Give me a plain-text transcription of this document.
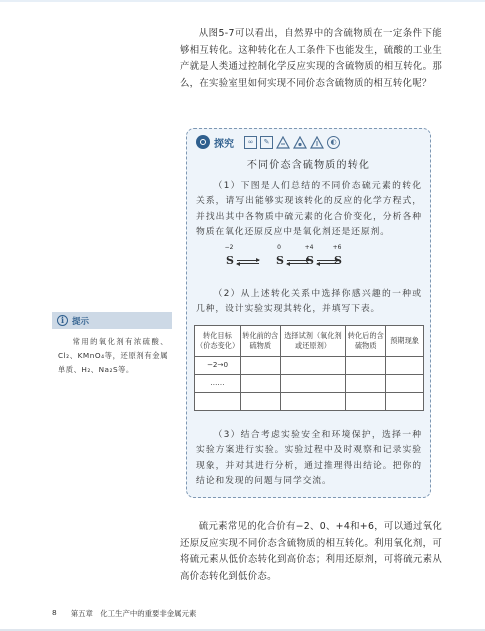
从图5-7可以看出，自然界中的含硫物质在一定条件下能够相互转化。这种转化在人工条件下也能发生，硫酸的工业生产就是人类通过控制化学反应实现的含硫物质的相互转化。那么，在实验室里如何实现不同价态含硫物质的相互转化呢？

探究	∞	✎	◐
不同价态含硫物质的转化

（1）下图是人们总结的不同价态硫元素的转化关系，请写出能够实现该转化的反应的化学方程式，并找出其中各物质中硫元素的化合价变化，分析各种物质在氧化还原反应中是氧化剂还是还原剂。

−2
S
0
S
+4
S
+6
S

（2）从上述转化关系中选择你感兴趣的一种或几种，设计实验实现其转化，并填写下表。

转化目标（价态变化）	转化前的含硫物质	选择试剂（氧化剂或还原剂）	转化后的含硫物质	预期现象
−2→0				
……				

（3）结合考虑实验安全和环境保护，选择一种实验方案进行实验。实验过程中及时观察和记录实验现象，并对其进行分析，通过推理得出结论。把你的结论和发现的问题与同学交流。

i 提示

常用的氧化剂有浓硫酸、Cl₂、KMnO₄等，还原剂有金属单质、H₂、Na₂S等。

硫元素常见的化合价有−2、0、+4和+6，可以通过氧化还原反应实现不同价态含硫物质的相互转化。利用氧化剂，可将硫元素从低价态转化到高价态；利用还原剂，可将硫元素从高价态转化到低价态。

8 第五章　化工生产中的重要非金属元素
